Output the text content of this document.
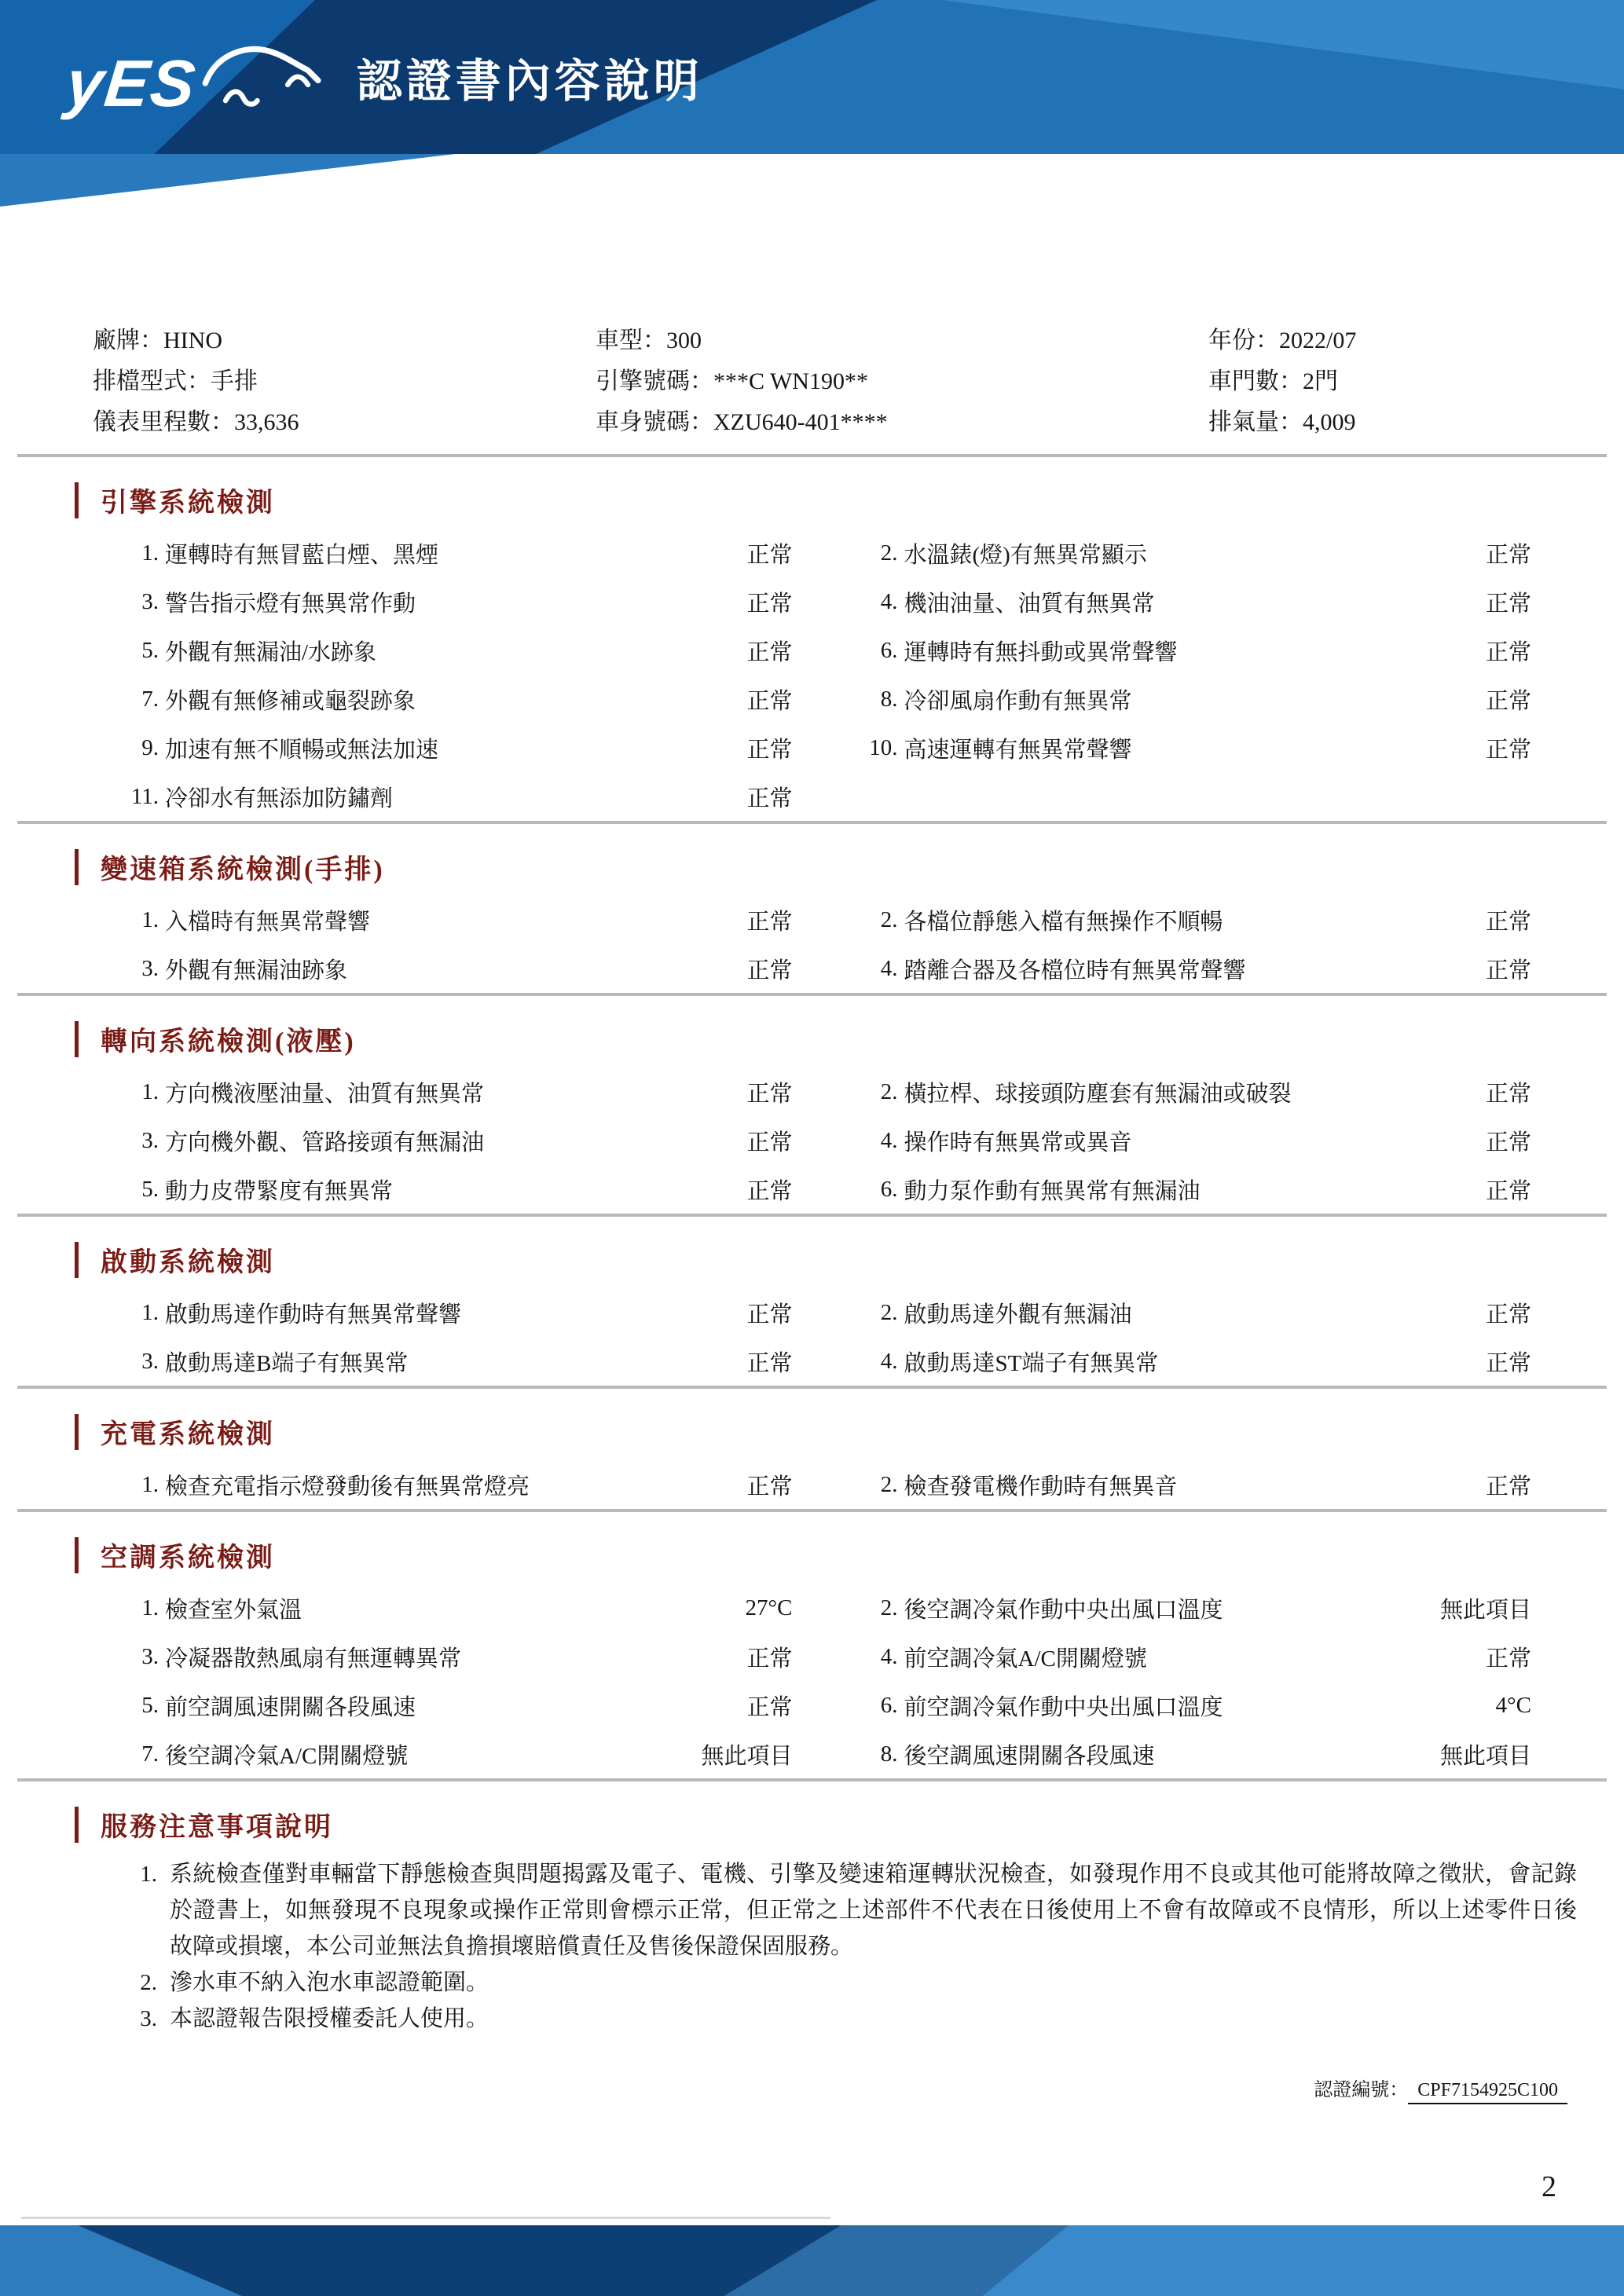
yES	認證書內容說明
廠牌：HINO	車型：300	年份：2022/07
排檔型式：手排	引擎號碼：***C WN190**	車門數：2門
儀表里程數：33,636	車身號碼：XZU640-401****	排氣量：4,009
引擎系統檢測
1. 運轉時有無冒藍白煙、黑煙	正常	2. 水溫錶(燈)有無異常顯示	正常
3. 警告指示燈有無異常作動	正常	4. 機油油量、油質有無異常	正常
5. 外觀有無漏油/水跡象	正常	6. 運轉時有無抖動或異常聲響	正常
7. 外觀有無修補或龜裂跡象	正常	8. 冷卻風扇作動有無異常	正常
9. 加速有無不順暢或無法加速	正常	10. 高速運轉有無異常聲響	正常
11. 冷卻水有無添加防鏽劑	正常
變速箱系統檢測(手排)
1. 入檔時有無異常聲響	正常	2. 各檔位靜態入檔有無操作不順暢	正常
3. 外觀有無漏油跡象	正常	4. 踏離合器及各檔位時有無異常聲響	正常
轉向系統檢測(液壓)
1. 方向機液壓油量、油質有無異常	正常	2. 橫拉桿、球接頭防塵套有無漏油或破裂	正常
3. 方向機外觀、管路接頭有無漏油	正常	4. 操作時有無異常或異音	正常
5. 動力皮帶緊度有無異常	正常	6. 動力泵作動有無異常有無漏油	正常
啟動系統檢測
1. 啟動馬達作動時有無異常聲響	正常	2. 啟動馬達外觀有無漏油	正常
3. 啟動馬達B端子有無異常	正常	4. 啟動馬達ST端子有無異常	正常
充電系統檢測
1. 檢查充電指示燈發動後有無異常燈亮	正常	2. 檢查發電機作動時有無異音	正常
空調系統檢測
1. 檢查室外氣溫	27°C	2. 後空調冷氣作動中央出風口溫度	無此項目
3. 冷凝器散熱風扇有無運轉異常	正常	4. 前空調冷氣A/C開關燈號	正常
5. 前空調風速開關各段風速	正常	6. 前空調冷氣作動中央出風口溫度	4°C
7. 後空調冷氣A/C開關燈號	無此項目	8. 後空調風速開關各段風速	無此項目
服務注意事項說明
1. 系統檢查僅對車輛當下靜態檢查與問題揭露及電子、電機、引擎及變速箱運轉狀況檢查，如發現作用不良或其他可能將故障之徵狀，會記錄於證書上，如無發現不良現象或操作正常則會標示正常，但正常之上述部件不代表在日後使用上不會有故障或不良情形，所以上述零件日後故障或損壞，本公司並無法負擔損壞賠償責任及售後保證保固服務。
2. 滲水車不納入泡水車認證範圍。
3. 本認證報告限授權委託人使用。
認證編號： CPF7154925C100
2
